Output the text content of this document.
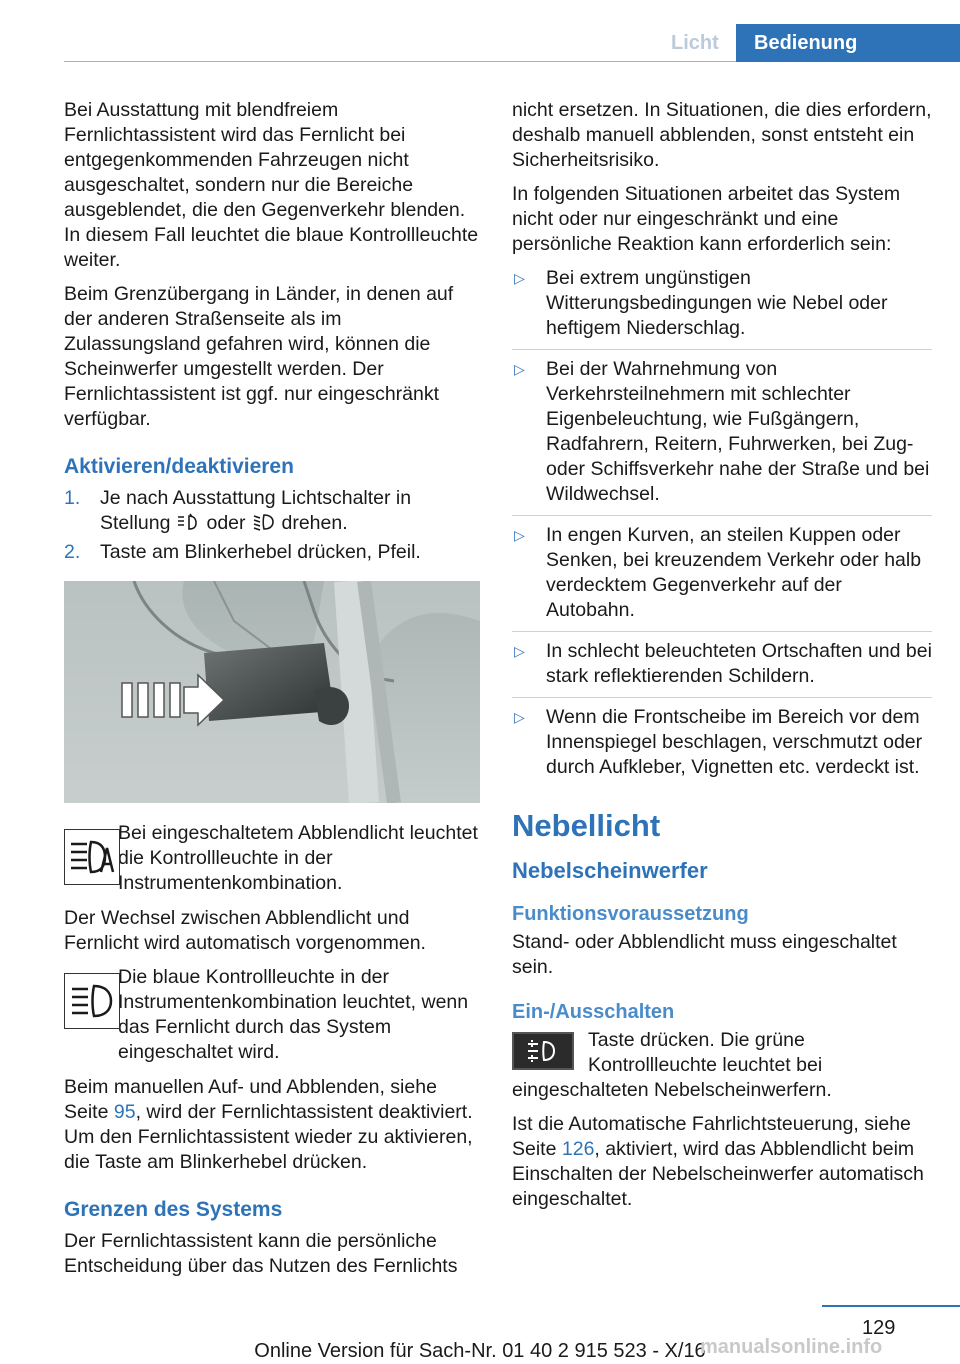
Licht Bedienung

Bei Ausstattung mit blendfreiem Fernlichtassistent wird das Fernlicht bei entgegenkommenden Fahrzeugen nicht ausgeschaltet, sondern nur die Bereiche ausgeblendet, die den Gegenverkehr blenden. In diesem Fall leuchtet die blaue Kontrollleuchte weiter.

Beim Grenzübergang in Länder, in denen auf der anderen Straßenseite als im Zulassungsland gefahren wird, können die Scheinwerfer umgestellt werden. Der Fernlichtassistent ist ggf. nur eingeschränkt verfügbar.

Aktivieren/deaktivieren
1. Je nach Ausstattung Lichtschalter in Stellung oder drehen.
2. Taste am Blinkerhebel drücken, Pfeil.

Bei eingeschaltetem Abblendlicht leuchtet die Kontrollleuchte in der Instrumentenkombination.

Der Wechsel zwischen Abblendlicht und Fernlicht wird automatisch vorgenommen.

Die blaue Kontrollleuchte in der Instrumentenkombination leuchtet, wenn das Fernlicht durch das System eingeschaltet wird.

Beim manuellen Auf- und Abblenden, siehe Seite 95, wird der Fernlichtassistent deaktiviert. Um den Fernlichtassistent wieder zu aktivieren, die Taste am Blinkerhebel drücken.

Grenzen des Systems

Der Fernlichtassistent kann die persönliche Entscheidung über das Nutzen des Fernlichts

nicht ersetzen. In Situationen, die dies erfordern, deshalb manuell abblenden, sonst entsteht ein Sicherheitsrisiko.

In folgenden Situationen arbeitet das System nicht oder nur eingeschränkt und eine persönliche Reaktion kann erforderlich sein:

▷ Bei extrem ungünstigen Witterungsbedingungen wie Nebel oder heftigem Niederschlag.
▷ Bei der Wahrnehmung von Verkehrsteilnehmern mit schlechter Eigenbeleuchtung, wie Fußgängern, Radfahrern, Reitern, Fuhrwerken, bei Zug- oder Schiffsverkehr nahe der Straße und bei Wildwechsel.
▷ In engen Kurven, an steilen Kuppen oder Senken, bei kreuzendem Verkehr oder halb verdecktem Gegenverkehr auf der Autobahn.
▷ In schlecht beleuchteten Ortschaften und bei stark reflektierenden Schildern.
▷ Wenn die Frontscheibe im Bereich vor dem Innenspiegel beschlagen, verschmutzt oder durch Aufkleber, Vignetten etc. verdeckt ist.
Nebellicht
Nebelscheinwerfer
Funktionsvoraussetzung

Stand- oder Abblendlicht muss eingeschaltet sein.

Ein-/Ausschalten

Taste drücken. Die grüne Kontrollleuchte leuchtet bei eingeschalteten Nebelscheinwerfern.

Ist die Automatische Fahrlichtsteuerung, siehe Seite 126, aktiviert, wird das Abblendlicht beim Einschalten der Nebelscheinwerfer automatisch eingeschaltet.

129
Online Version für Sach-Nr. 01 40 2 915 523 - X/16
manualsonline.info
